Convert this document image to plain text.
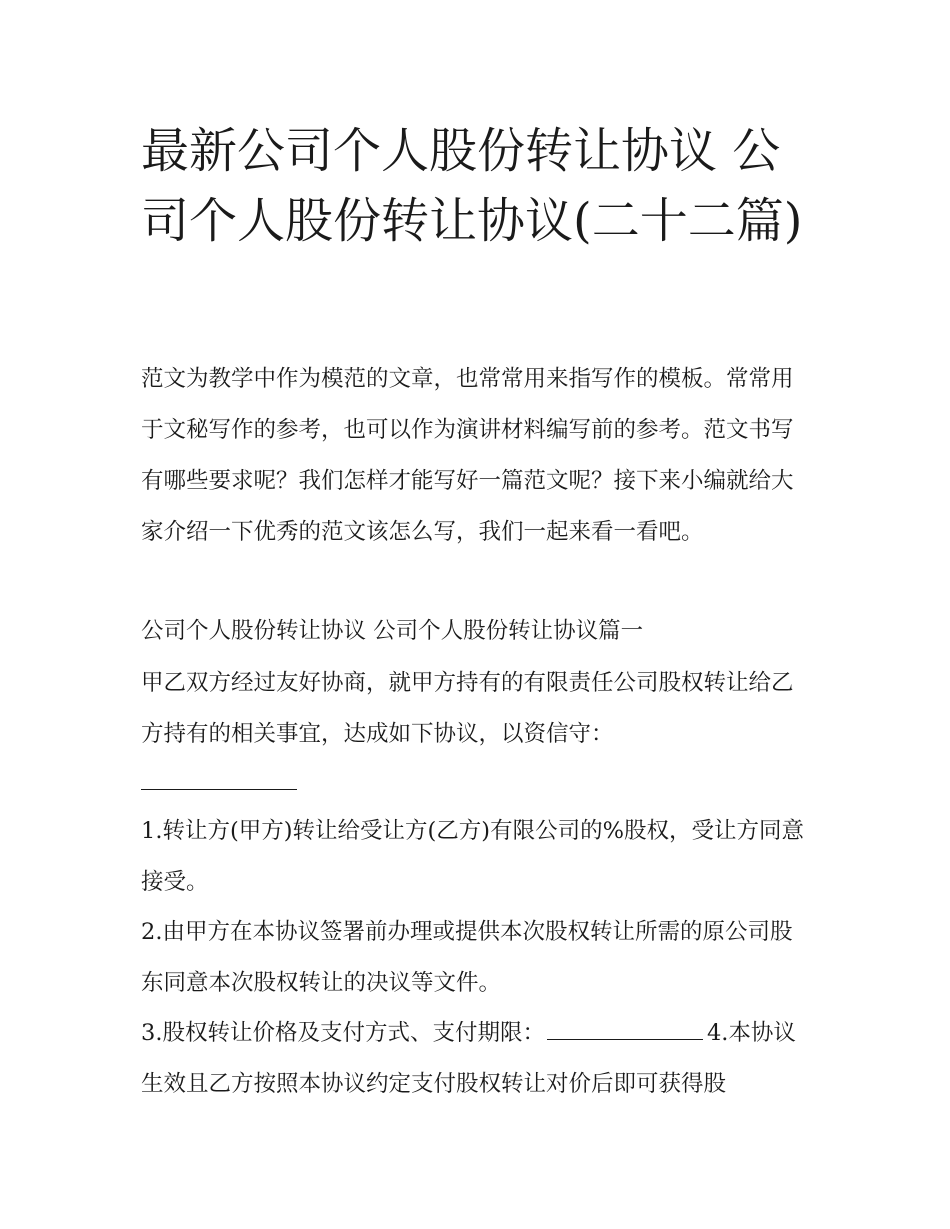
最新公司个人股份转让协议 公司个人股份转让协议(二十二篇)

范文为教学中作为模范的文章，也常常用来指写作的模板。常常用于文秘写作的参考，也可以作为演讲材料编写前的参考。范文书写有哪些要求呢？我们怎样才能写好一篇范文呢？接下来小编就给大家介绍一下优秀的范文该怎么写，我们一起来看一看吧。

公司个人股份转让协议 公司个人股份转让协议篇一

甲乙双方经过友好协商，就甲方持有的有限责任公司股权转让给乙方持有的相关事宜，达成如下协议，以资信守：

1.转让方(甲方)转让给受让方(乙方)有限公司的%股权，受让方同意接受。

2.由甲方在本协议签署前办理或提供本次股权转让所需的原公司股东同意本次股权转让的决议等文件。

3.股权转让价格及支付方式、支付期限：	4.本协议生效且乙方按照本协议约定支付股权转让对价后即可获得股
